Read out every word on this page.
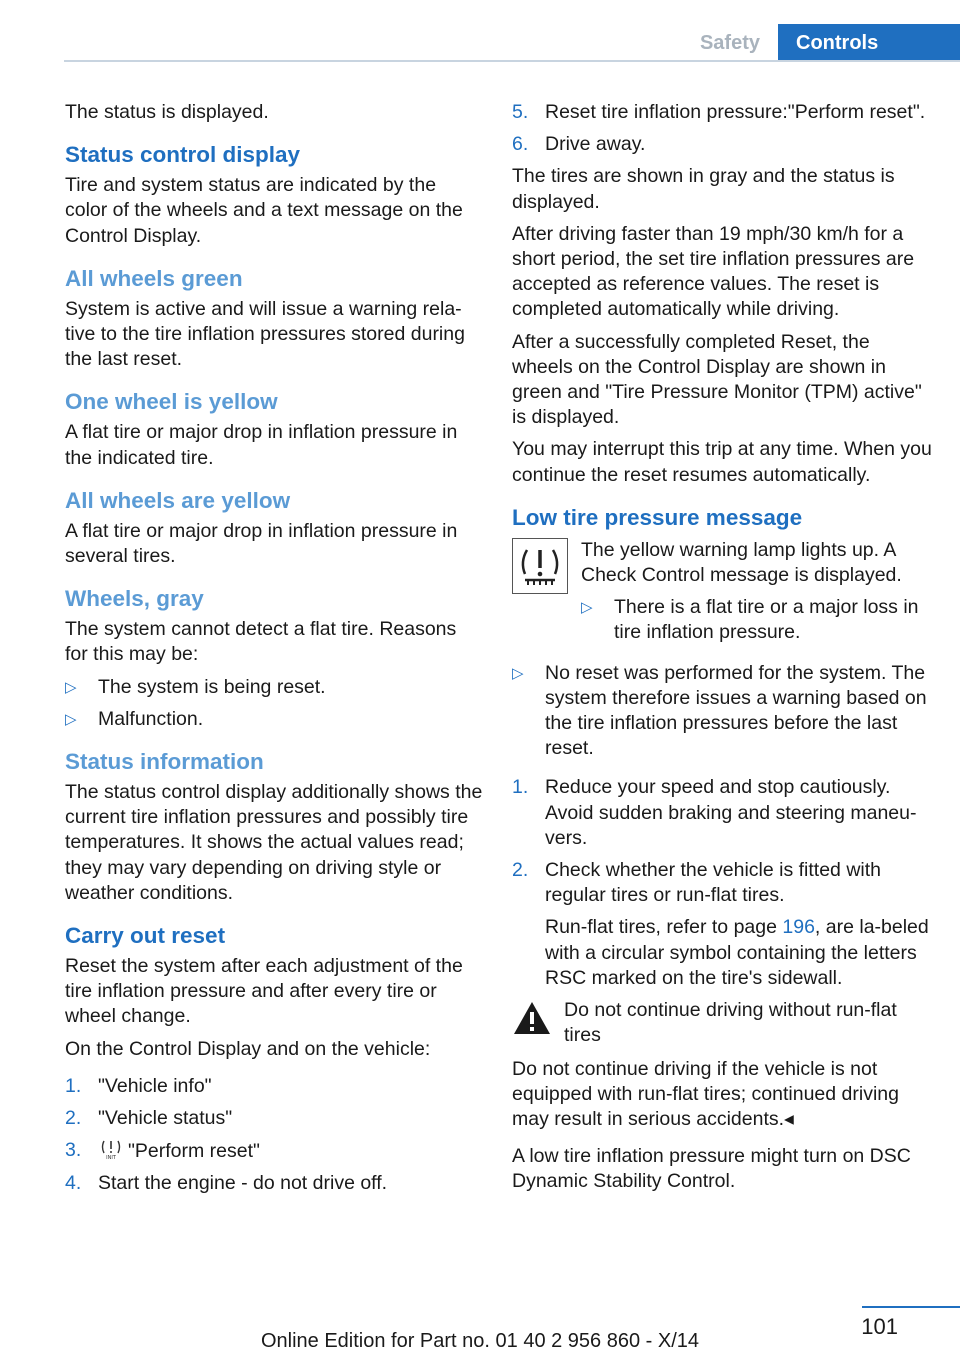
Safety	Controls

The status is displayed.

Status control display

Tire and system status are indicated by the color of the wheels and a text message on the Control Display.

All wheels green

System is active and will issue a warning rela-tive to the tire inflation pressures stored during the last reset.

One wheel is yellow

A flat tire or major drop in inflation pressure in the indicated tire.

All wheels are yellow

A flat tire or major drop in inflation pressure in several tires.

Wheels, gray

The system cannot detect a flat tire. Reasons for this may be:

▷ The system is being reset.
▷ Malfunction.
Status information

The status control display additionally shows the current tire inflation pressures and possibly tire temperatures. It shows the actual values read; they may vary depending on driving style or weather conditions.

Carry out reset

Reset the system after each adjustment of the tire inflation pressure and after every tire or wheel change.

On the Control Display and on the vehicle:

1. "Vehicle info"
2. "Vehicle status"
3.	INIT "Perform reset"
4. Start the engine - do not drive off.
5. Reset tire inflation pressure:"Perform reset".
6. Drive away.

The tires are shown in gray and the status is displayed.

After driving faster than 19 mph/30 km/h for a short period, the set tire inflation pressures are accepted as reference values. The reset is completed automatically while driving.

After a successfully completed Reset, the wheels on the Control Display are shown in green and "Tire Pressure Monitor (TPM) active" is displayed.

You may interrupt this trip at any time. When you continue the reset resumes automatically.

Low tire pressure message

The yellow warning lamp lights up. A Check Control message is displayed.

▷ There is a flat tire or a major loss in tire inflation pressure.
▷ No reset was performed for the system. The system therefore issues a warning based on the tire inflation pressures before the last reset.
1. Reduce your speed and stop cautiously. Avoid sudden braking and steering maneu-vers.
2. Check whether the vehicle is fitted with regular tires or run-flat tires.

Run-flat tires, refer to page 196, are la-beled with a circular symbol containing the letters RSC marked on the tire's sidewall.

Do not continue driving without run-flat tires

Do not continue driving if the vehicle is not equipped with run-flat tires; continued driving may result in serious accidents.◂

A low tire inflation pressure might turn on DSC Dynamic Stability Control.

101
Online Edition for Part no. 01 40 2 956 860 - X/14
